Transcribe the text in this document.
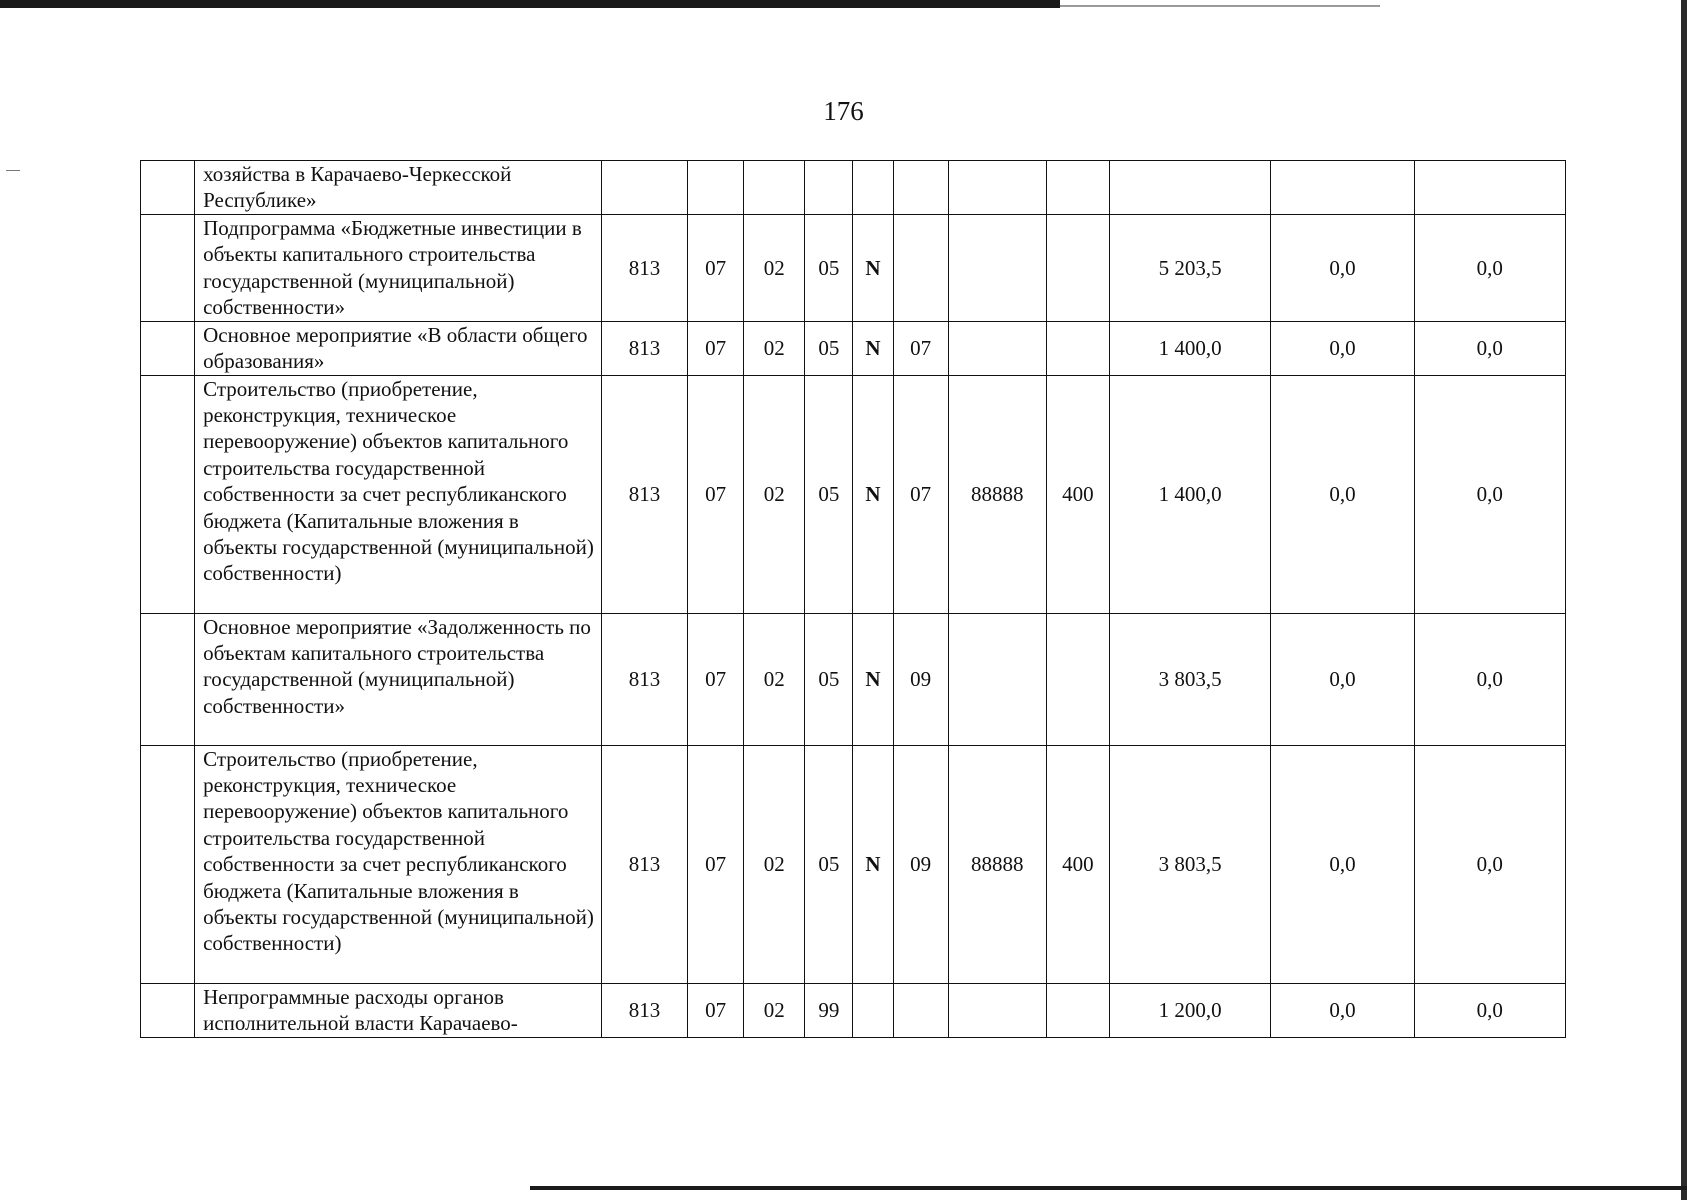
176
	хозяйства в Карачаево-Черкесской Республике»											
	Подпрограмма «Бюджетные инвестиции в объекты капитального строительства государственной (муниципальной) собственности»	813	07	02	05	N				5 203,5	0,0	0,0
	Основное мероприятие «В области общего образования»	813	07	02	05	N	07			1 400,0	0,0	0,0
	Строительство (приобретение, реконструкция, техническое перевооружение) объектов капитального строительства государственной собственности за счет республиканского бюджета (Капитальные вложения в объекты государственной (муниципальной) собственности)	813	07	02	05	N	07	88888	400	1 400,0	0,0	0,0
	Основное мероприятие «Задолженность по объектам капитального строительства государственной (муниципальной) собственности»	813	07	02	05	N	09			3 803,5	0,0	0,0
	Строительство (приобретение, реконструкция, техническое перевооружение) объектов капитального строительства государственной собственности за счет республиканского бюджета (Капитальные вложения в объекты государственной (муниципальной) собственности)	813	07	02	05	N	09	88888	400	3 803,5	0,0	0,0
	Непрограммные расходы органов исполнительной власти Карачаево-	813	07	02	99					1 200,0	0,0	0,0
